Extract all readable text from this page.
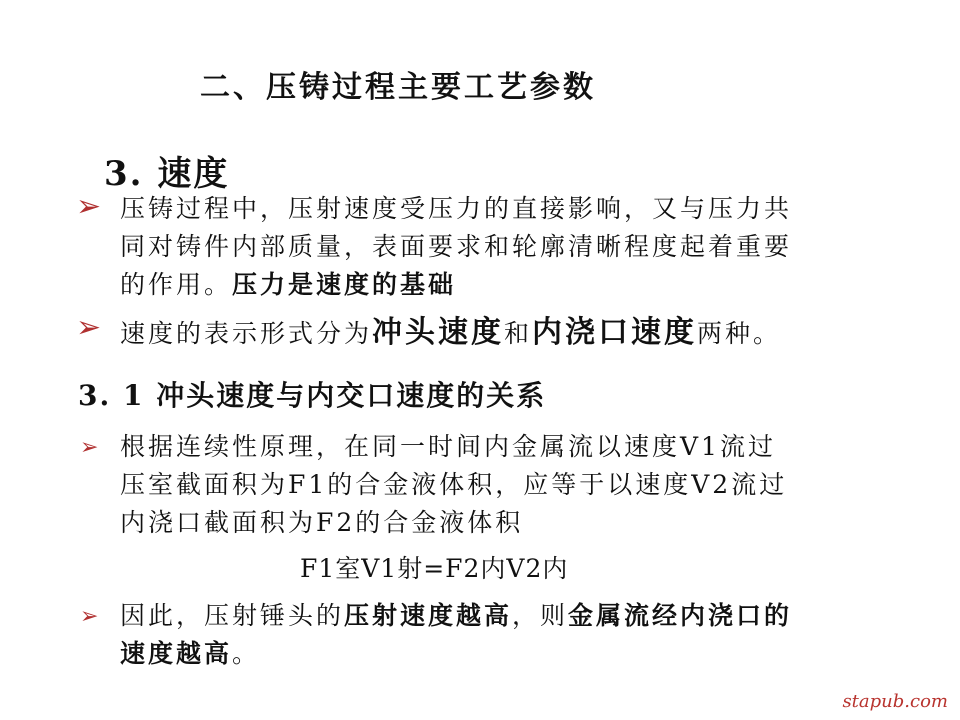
二、压铸过程主要工艺参数
3. 速度
➢ 压铸过程中，压射速度受压力的直接影响，又与压力共
同对铸件内部质量，表面要求和轮廓清晰程度起着重要
的作用。压力是速度的基础
➢ 速度的表示形式分为冲头速度和内浇口速度两种。
3. 1 冲头速度与内交口速度的关系
➢ 根据连续性原理，在同一时间内金属流以速度V1流过
压室截面积为F1的合金液体积，应等于以速度V2流过
内浇口截面积为F2的合金液体积
F1室V1射=F2内V2内
➢ 因此，压射锤头的压射速度越高，则金属流经内浇口的
速度越高。
stapub.com
